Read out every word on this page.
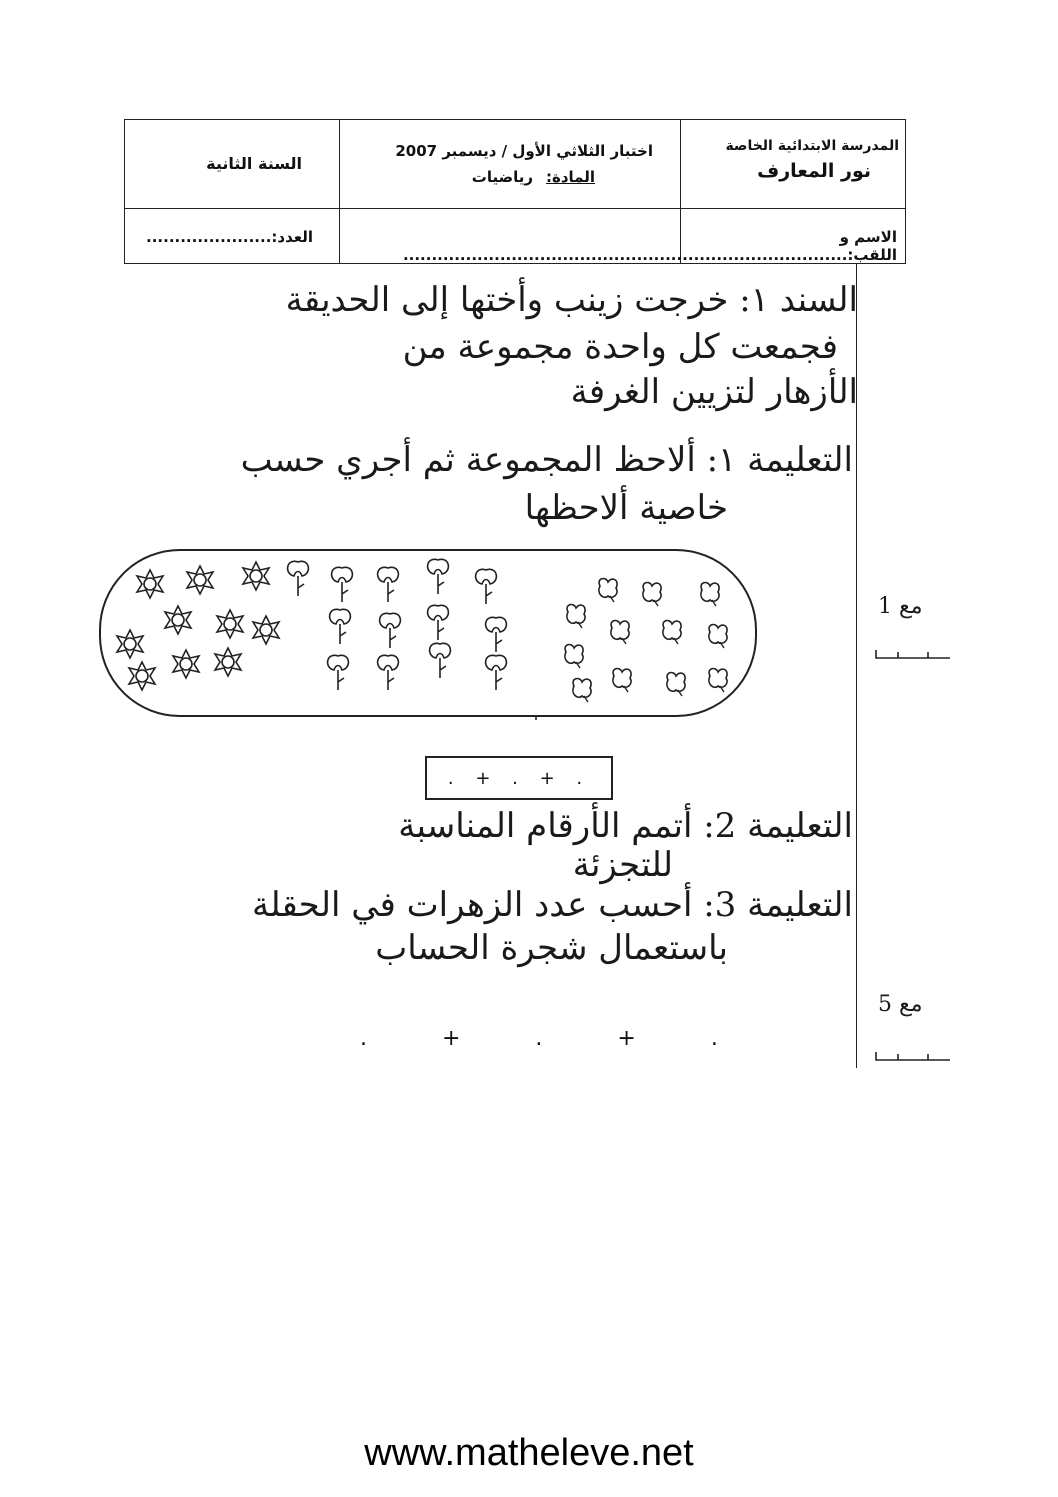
المدرسة الابتدائية الخاصة
نور المعارف
اختبار الثلاثي الأول / ديسمبر 2007
المادة:
رياضيات
السنة الثانية
الاسم و اللقب:..............................................................................
العدد:......................
السند ١: خرجت زينب وأختها إلى الحديقة
فجمعت كل واحدة مجموعة من
الأزهار لتزيين الغرفة
التعليمة ١: ألاحظ المجموعة ثم أجري حسب
خاصية ألاحظها
. + . + .
التعليمة 2: أتمم الأرقام المناسبة
للتجزئة
التعليمة 3: أحسب عدد الزهرات في الحقلة
باستعمال شجرة الحساب
. + . + .
مع 1
مع 5
www.matheleve.net
